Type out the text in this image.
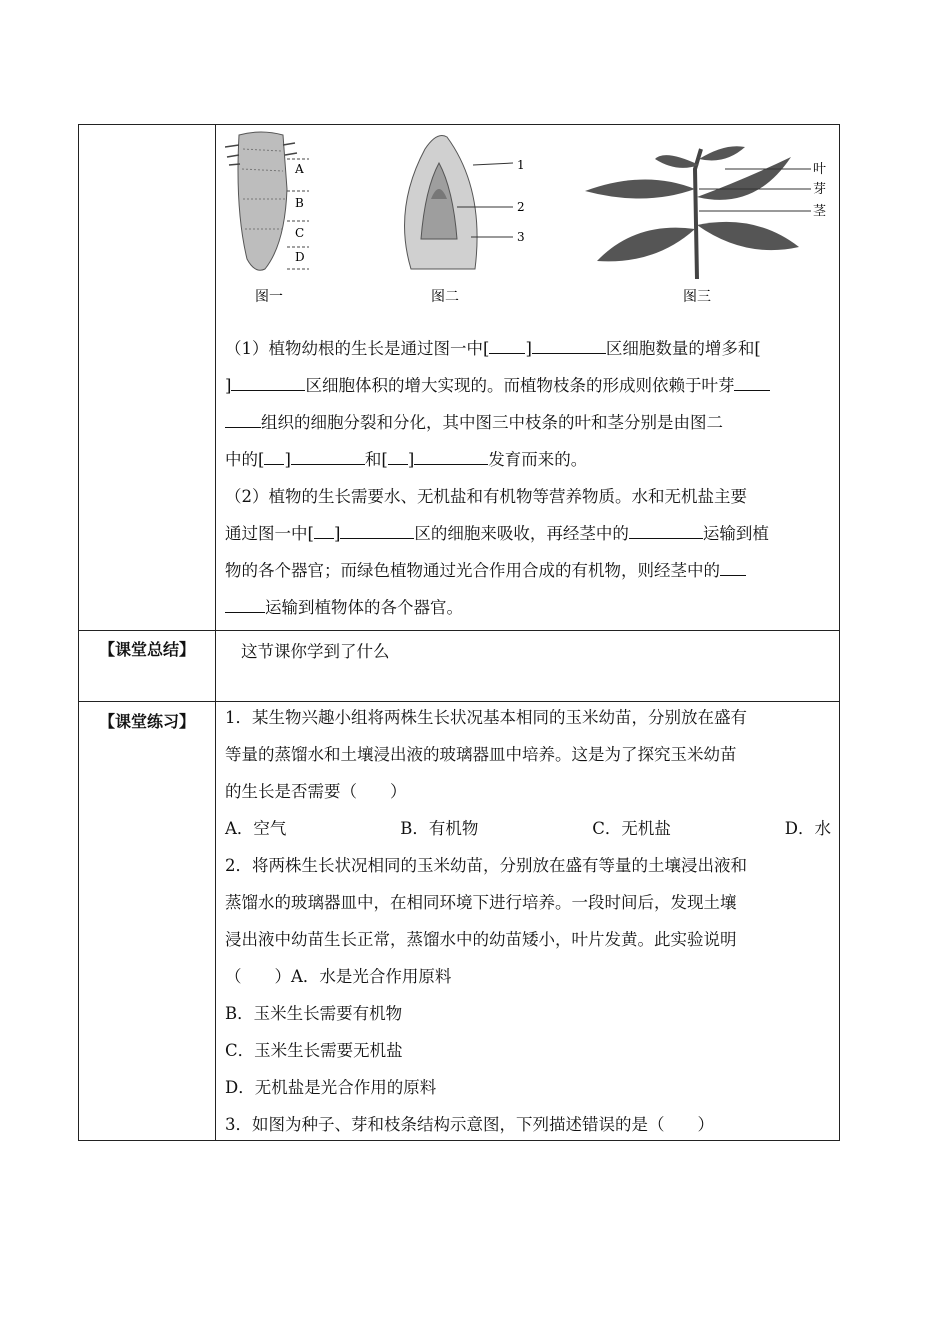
A
B
C
D
图一
1
2
3
图二
叶
芽
茎
图三

（1）植物幼根的生长是通过图一中[ ]	区细胞数量的增多和[

]	区细胞体积的增大实现的。而植物枝条的形成则依赖于叶芽

组织的细胞分裂和分化，其中图三中枝条的叶和茎分别是由图二

中的[ ]	和[ ]	发育而来的。

（2）植物的生长需要水、无机盐和有机物等营养物质。水和无机盐主要

通过图一中[ ]	区的细胞来吸收，再经茎中的	运输到植

物的各个器官；而绿色植物通过光合作用合成的有机物，则经茎中的

运输到植物体的各个器官。

【课堂总结】	这节课你学到了什么

【课堂练习】	1．某生物兴趣小组将两株生长状况基本相同的玉米幼苗，分别放在盛有

等量的蒸馏水和土壤浸出液的玻璃器皿中培养。这是为了探究玉米幼苗

的生长是否需要（　　）

A．空气	B．有机物	C．无机盐	D．水

2．将两株生长状况相同的玉米幼苗，分别放在盛有等量的土壤浸出液和

蒸馏水的玻璃器皿中，在相同环境下进行培养。一段时间后，发现土壤

浸出液中幼苗生长正常，蒸馏水中的幼苗矮小，叶片发黄。此实验说明

（　　）A．水是光合作用原料

B．玉米生长需要有机物

C．玉米生长需要无机盐

D．无机盐是光合作用的原料

3．如图为种子、芽和枝条结构示意图，下列描述错误的是（　　）
